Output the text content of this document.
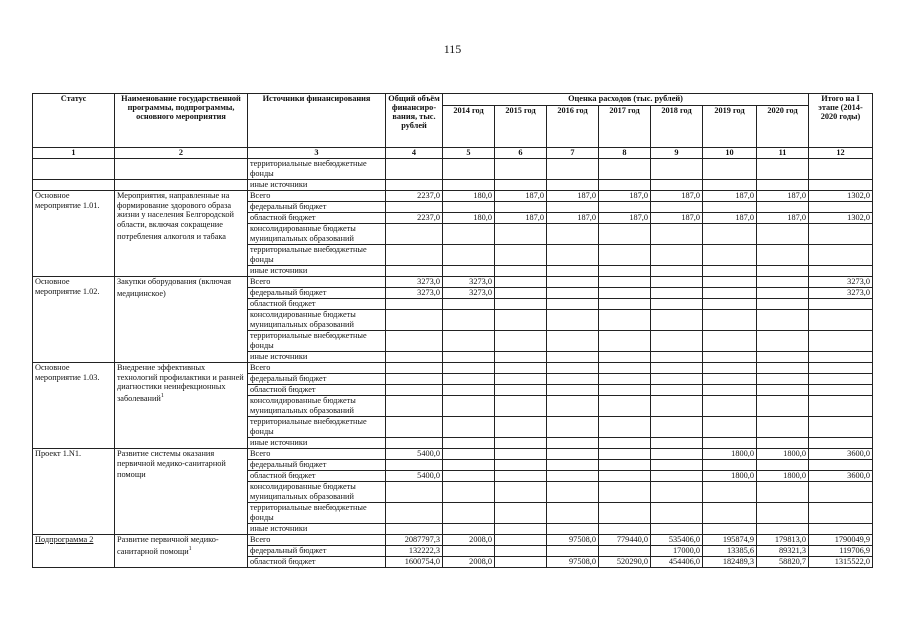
115
Статус	Наименование государственной программы, подпрограммы, основного мероприятия	Источники финансирования	Общий объём финансиро-вания, тыс. рублей	Оценка расходов (тыс. рублей)							Итого на I этапе (2014-2020 годы)
				2014 год	2015 год	2016 год	2017 год	2018 год	2019 год	2020 год	
1	2	3	4	5	6	7	8	9	10	11	12
		территориальные внебюджетные фонды									
		иные источники									
Основное мероприятие 1.01.	Мероприятия, направленные на формирование здорового образа жизни у населения Белгородской области, включая сокращение потребления алкоголя и табака	Всего	2237,0	180,0	187,0	187,0	187,0	187,0	187,0	187,0	1302,0
		федеральный бюджет									
		областной бюджет	2237,0	180,0	187,0	187,0	187,0	187,0	187,0	187,0	1302,0
		консолидированные бюджеты муниципальных образований									
		территориальные внебюджетные фонды									
		иные источники									
Основное мероприятие 1.02.	Закупки оборудования (включая медицинское)	Всего	3273,0	3273,0							3273,0
		федеральный бюджет	3273,0	3273,0							3273,0
		областной бюджет									
		консолидированные бюджеты муниципальных образований									
		территориальные внебюджетные фонды									
		иные источники									
Основное мероприятие 1.03.	Внедрение эффективных технологий профилактики и ранней диагностики неинфекционных заболеваний$^1$	Всего									
		федеральный бюджет									
		областной бюджет									
		консолидированные бюджеты муниципальных образований									
		территориальные внебюджетные фонды									
		иные источники									
Проект 1.N1.	Развитие системы оказания первичной медико-санитарной помощи	Всего	5400,0						1800,0	1800,0	3600,0
		федеральный бюджет									
		областной бюджет	5400,0						1800,0	1800,0	3600,0
		консолидированные бюджеты муниципальных образований									
		территориальные внебюджетные фонды									
		иные источники									
Подпрограмма 2	Развитие первичной медико-санитарной помощи$^1$	Всего	2087797,3	2008,0		97508,0	779440,0	535406,0	195874,9	179813,0	1790049,9
		федеральный бюджет	132222,3					17000,0	13385,6	89321,3	119706,9
		областной бюджет	1600754,0	2008,0		97508,0	520290,0	454406,0	182489,3	58820,7	1315522,0
